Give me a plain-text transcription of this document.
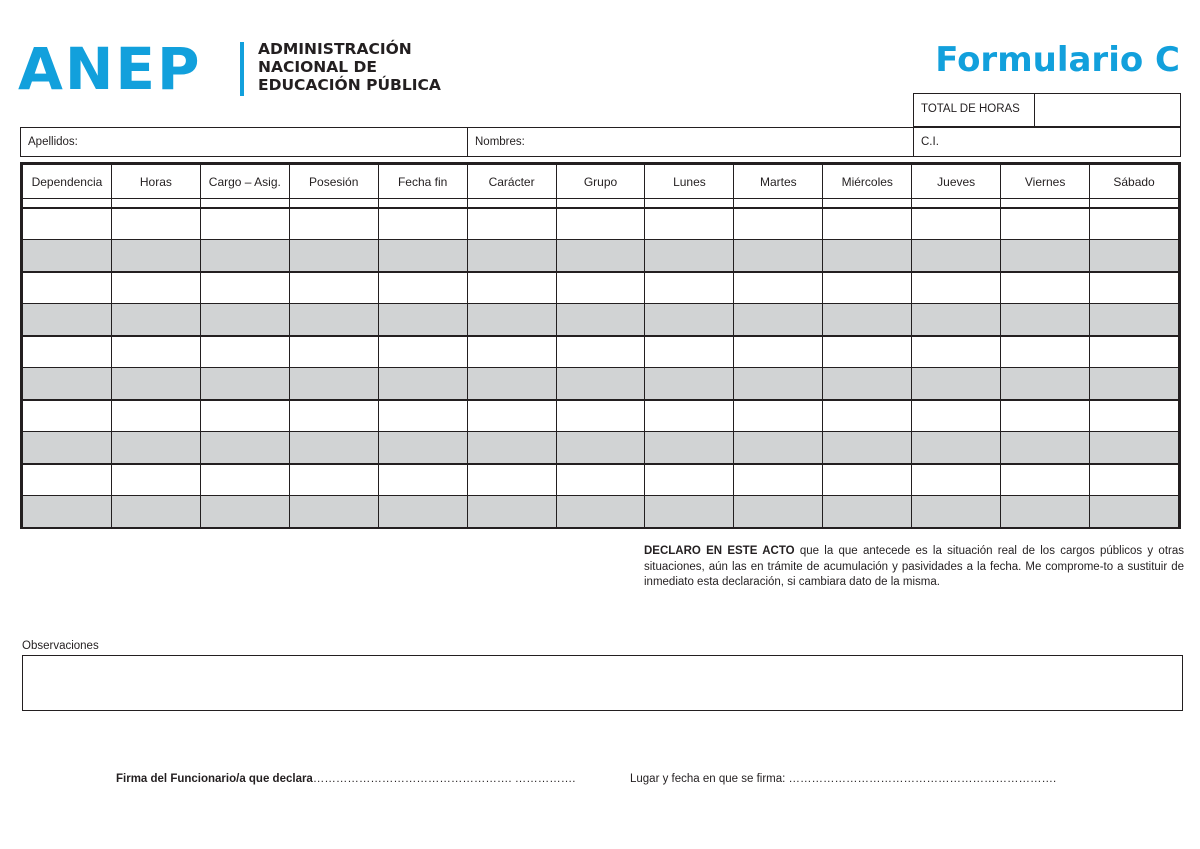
ANEP	ADMINISTRACIÓN
NACIONAL DE
EDUCACIÓN PÚBLICA
Formulario C
TOTAL DE HORAS
Apellidos:	Nombres:	C.I.
Dependencia	Horas	Cargo – Asig.	Posesión	Fecha fin	Carácter	Grupo	Lunes	Martes	Miércoles	Jueves	Viernes	Sábado

DECLARO EN ESTE ACTO que la que antecede es la situación real de los cargos públicos y otras situaciones, aún las en trámite de acumulación y pasividades a la fecha. Me comprome-to a sustituir de inmediato esta declaración, si cambiara dato de la misma.
Observaciones
Firma del Funcionario/a que declara……………………………………………. …………….	Lugar y fecha en que se firma: …………………………………………………………….
